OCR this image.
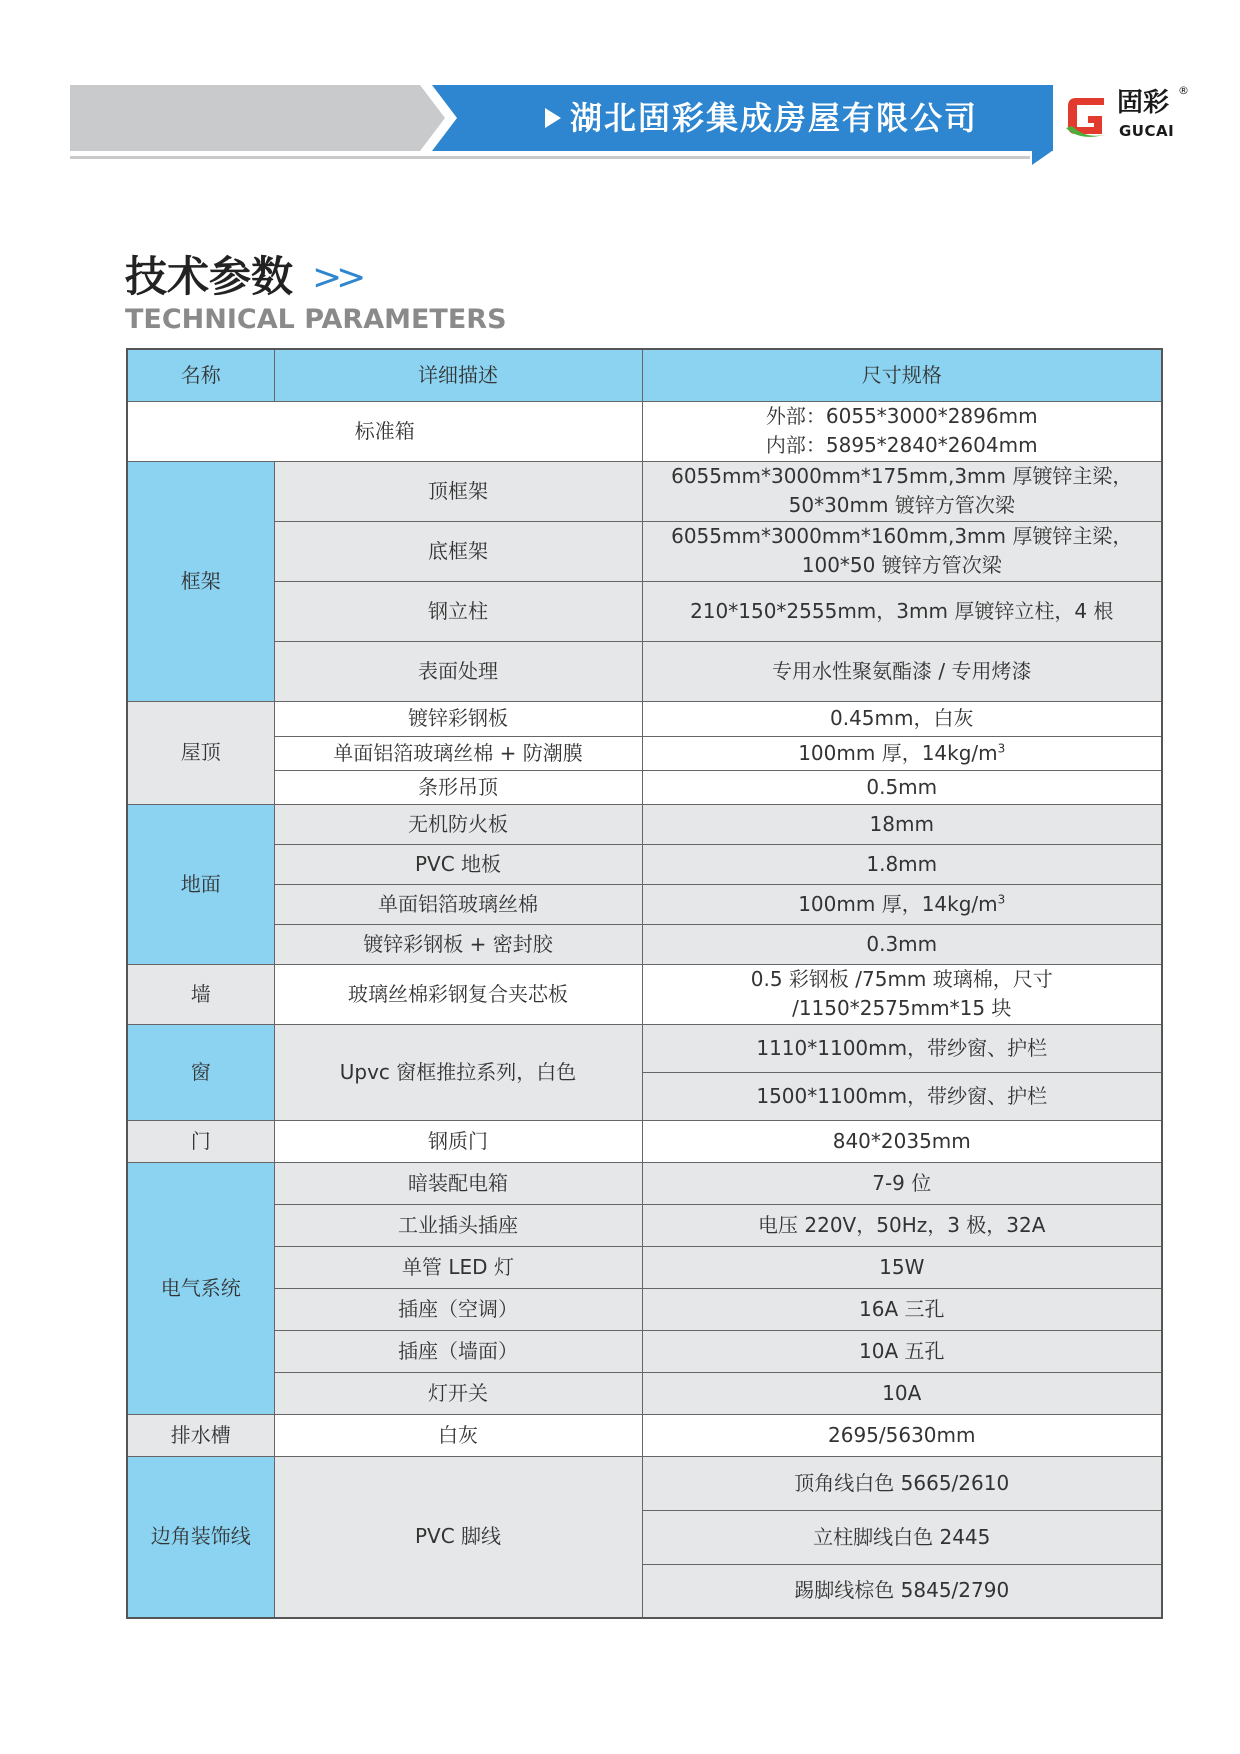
湖北固彩集成房屋有限公司	固彩 ®
GUCAI
技术参数 >>
TECHNICAL PARAMETERS
名称	详细描述	尺寸规格
标准箱		外部：6055*3000*2896mm
内部：5895*2840*2604mm

框架	顶框架	6055mm*3000mm*175mm,3mm 厚镀锌主梁，
50*30mm 镀锌方管次梁

	底框架	6055mm*3000mm*160mm,3mm 厚镀锌主梁，
100*50 镀锌方管次梁

	钢立柱	210*150*2555mm，3mm 厚镀锌立柱，4 根
	表面处理	专用水性聚氨酯漆 / 专用烤漆
屋顶	镀锌彩钢板	0.45mm，白灰
	单面铝箔玻璃丝棉 + 防潮膜	100mm 厚，$14kg/m^3$
	条形吊顶	0.5mm
地面	无机防火板	18mm
	PVC 地板	1.8mm
	单面铝箔玻璃丝棉	100mm 厚，$14kg/m^3$
	镀锌彩钢板 + 密封胶	0.3mm
墙	玻璃丝棉彩钢复合夹芯板	0.5 彩钢板 /75mm 玻璃棉，尺寸
/1150*2575mm*15 块

窗	Upvc 窗框推拉系列，白色	1110*1100mm，带纱窗、护栏
		1500*1100mm，带纱窗、护栏
门	钢质门	840*2035mm
电气系统	暗装配电箱	7-9 位
	工业插头插座	电压 220V，50Hz，3 极，32A
	单管 LED 灯	15W
	插座（空调）	16A 三孔
	插座（墙面）	10A 五孔
	灯开关	10A
排水槽	白灰	2695/5630mm
边角装饰线	PVC 脚线	顶角线白色 5665/2610
		立柱脚线白色 2445
		踢脚线棕色 5845/2790
